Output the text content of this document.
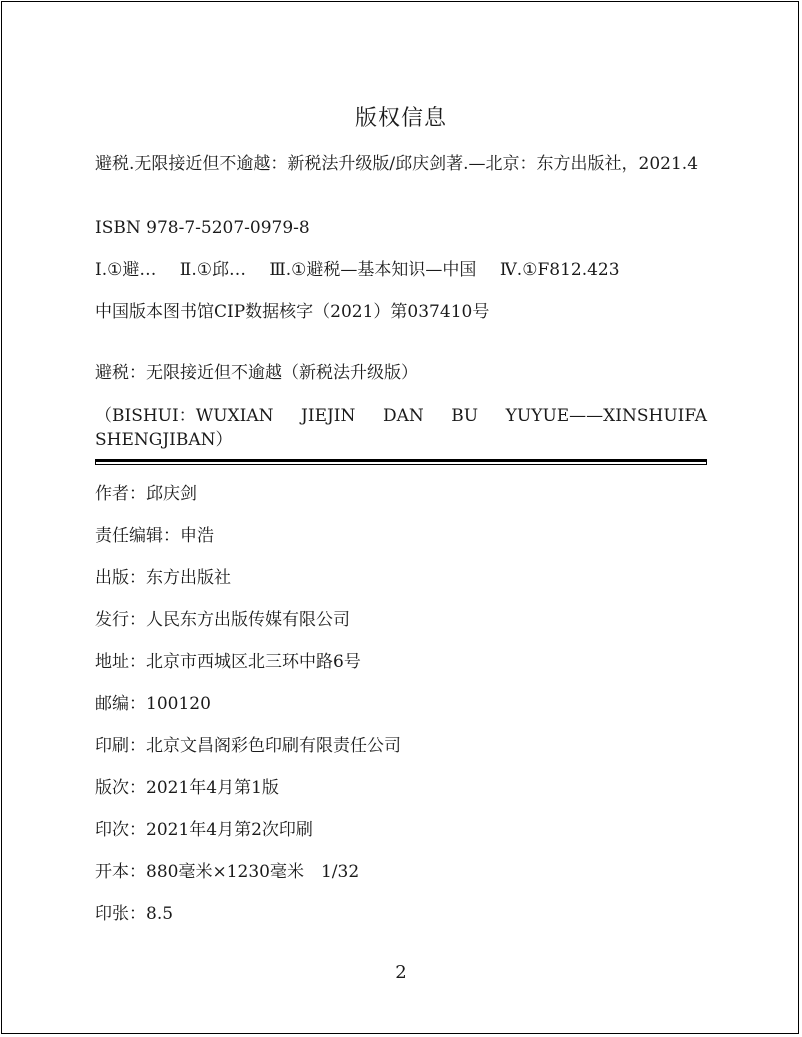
版权信息
避税.无限接近但不逾越：新税法升级版/邱庆剑著.—北京：东方出版社，2021.4
ISBN 978-7-5207-0979-8
Ⅰ.①避… Ⅱ.①邱… Ⅲ.①避税—基本知识—中国 Ⅳ.①F812.423
中国版本图书馆CIP数据核字（2021）第037410号
避税：无限接近但不逾越（新税法升级版）
（BISHUI：WUXIAN JIEJIN DAN BU YUYUE——XINSHUIFA
SHENGJIBAN）
作者：邱庆剑
责任编辑：申浩
出版：东方出版社
发行：人民东方出版传媒有限公司
地址：北京市西城区北三环中路6号
邮编：100120
印刷：北京文昌阁彩色印刷有限责任公司
版次：2021年4月第1版
印次：2021年4月第2次印刷
开本：880毫米×1230毫米　1/32
印张：8.5
2
